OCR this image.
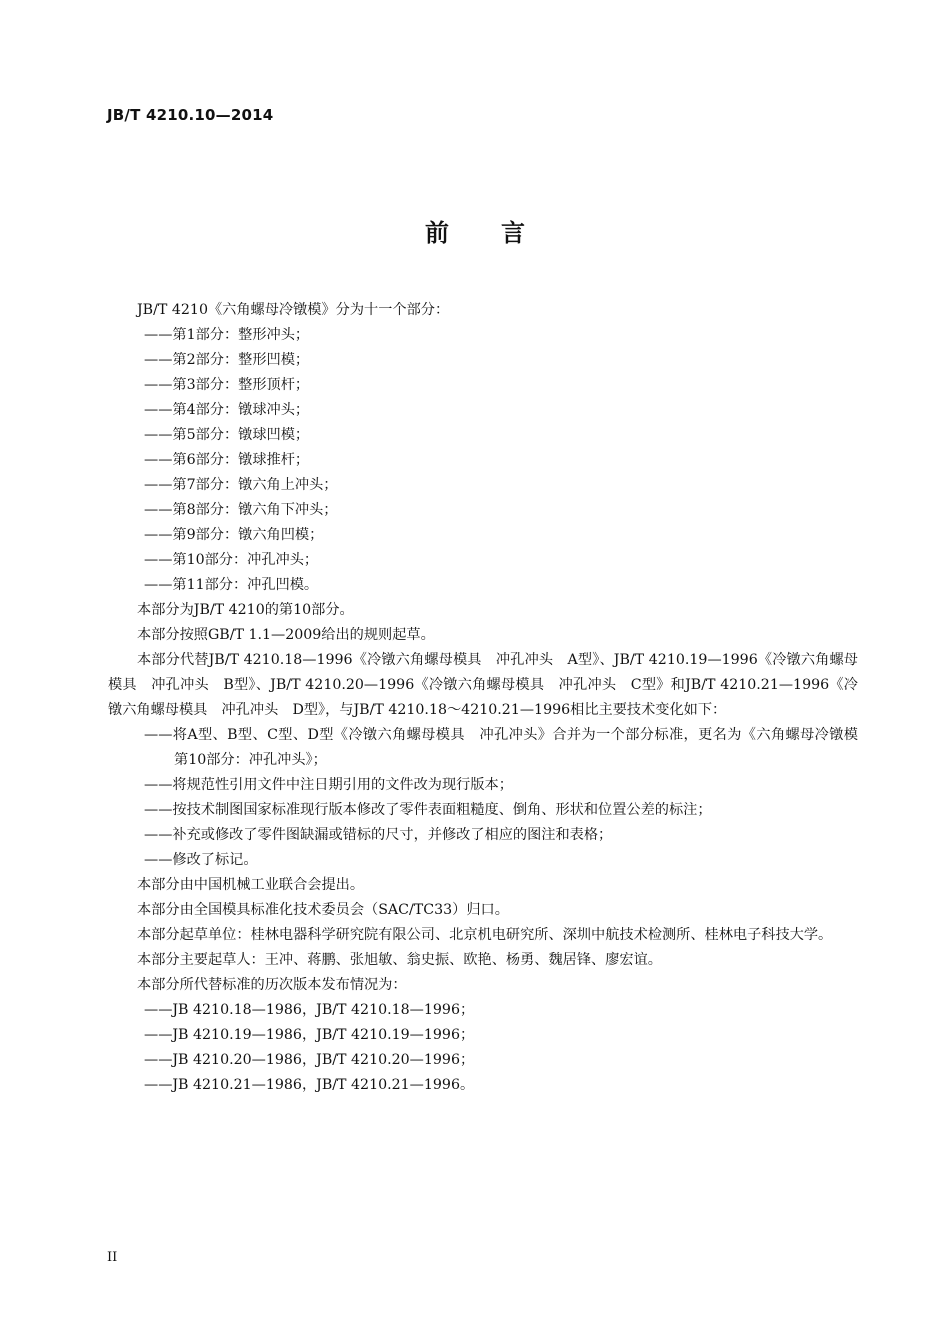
JB/T 4210.10—2014
前言

JB/T 4210《六角螺母冷镦模》分为十一个部分：

——第1部分：整形冲头；

——第2部分：整形凹模；

——第3部分：整形顶杆；

——第4部分：镦球冲头；

——第5部分：镦球凹模；

——第6部分：镦球推杆；

——第7部分：镦六角上冲头；

——第8部分：镦六角下冲头；

——第9部分：镦六角凹模；

——第10部分：冲孔冲头；

——第11部分：冲孔凹模。

本部分为JB/T 4210的第10部分。

本部分按照GB/T 1.1—2009给出的规则起草。

本部分代替JB/T 4210.18—1996《冷镦六角螺母模具　冲孔冲头　A型》、JB/T 4210.19—1996《冷镦六角螺母模具　冲孔冲头　B型》、JB/T 4210.20—1996《冷镦六角螺母模具　冲孔冲头　C型》和JB/T 4210.21—1996《冷镦六角螺母模具　冲孔冲头　D型》，与JB/T 4210.18～4210.21—1996相比主要技术变化如下：

——将A型、B型、C型、D型《冷镦六角螺母模具　冲孔冲头》合并为一个部分标准，更名为《六角螺母冷镦模　第10部分：冲孔冲头》；

——将规范性引用文件中注日期引用的文件改为现行版本；

——按技术制图国家标准现行版本修改了零件表面粗糙度、倒角、形状和位置公差的标注；

——补充或修改了零件图缺漏或错标的尺寸，并修改了相应的图注和表格；

——修改了标记。

本部分由中国机械工业联合会提出。

本部分由全国模具标准化技术委员会（SAC/TC33）归口。

本部分起草单位：桂林电器科学研究院有限公司、北京机电研究所、深圳中航技术检测所、桂林电子科技大学。

本部分主要起草人：王冲、蒋鹏、张旭敏、翁史振、欧艳、杨勇、魏居锋、廖宏谊。

本部分所代替标准的历次版本发布情况为：

——JB 4210.18—1986，JB/T 4210.18—1996；

——JB 4210.19—1986，JB/T 4210.19—1996；

——JB 4210.20—1986，JB/T 4210.20—1996；

——JB 4210.21—1986，JB/T 4210.21—1996。

II
